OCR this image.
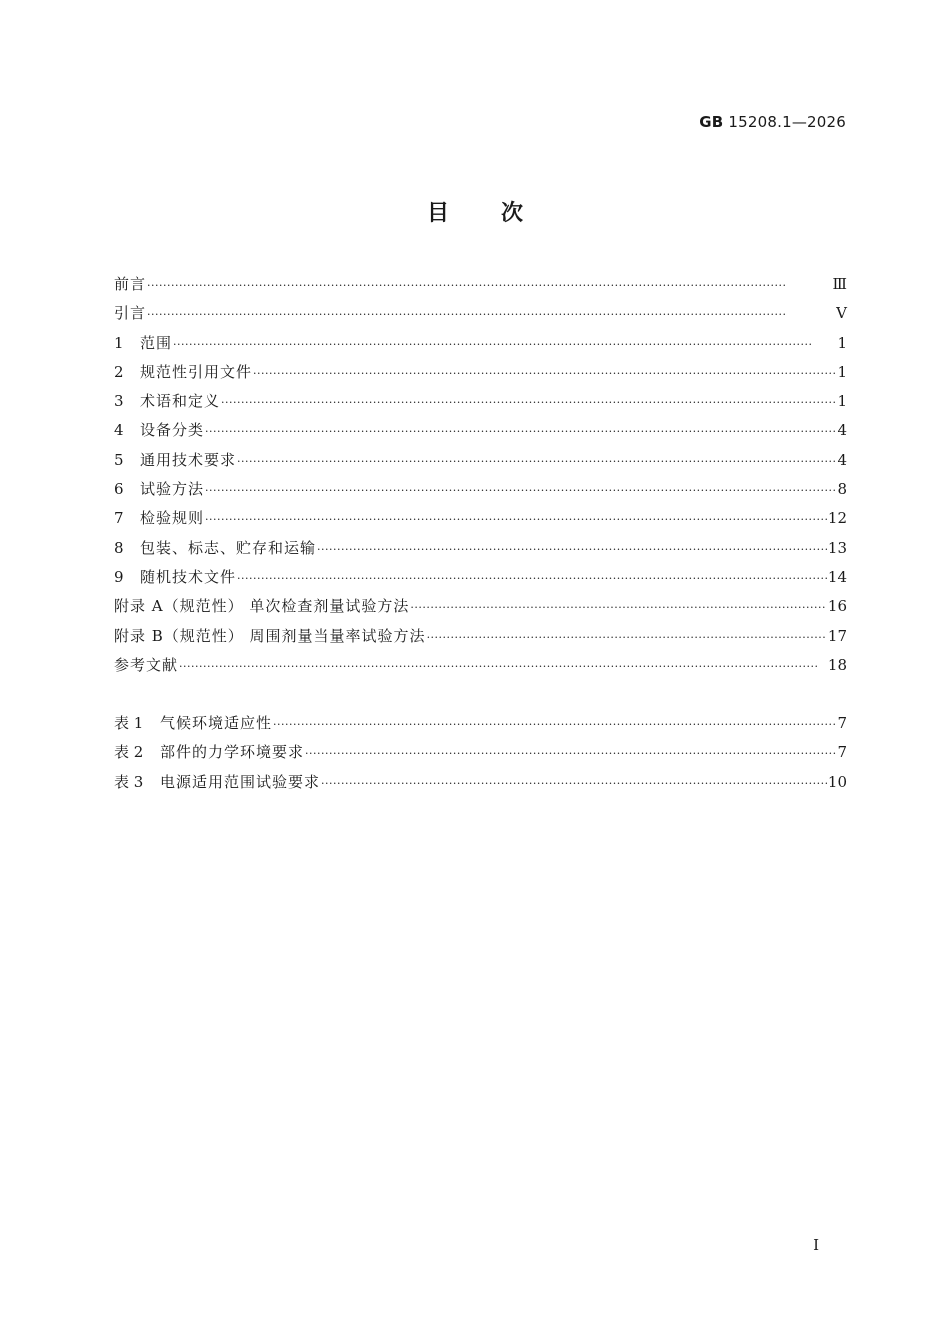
GB 15208.1—2026
目次
前言 ·····	Ⅲ
引言 ·····	Ⅴ
1	范围 ·····	1
2	规范性引用文件 ·····	1
3	术语和定义 ·····	1
4	设备分类 ·····	4
5	通用技术要求 ·····	4
6	试验方法 ·····	8
7	检验规则 ·····	12
8	包装、标志、贮存和运输 ·····	13
9	随机技术文件 ·····	14
附录 A（规范性） 单次检查剂量试验方法 ·····	16
附录 B（规范性） 周围剂量当量率试验方法 ·····	17
参考文献 ·····	18
表 1	气候环境适应性 ·····	7
表 2	部件的力学环境要求 ·····	7
表 3	电源适用范围试验要求 ·····	10
Ⅰ
